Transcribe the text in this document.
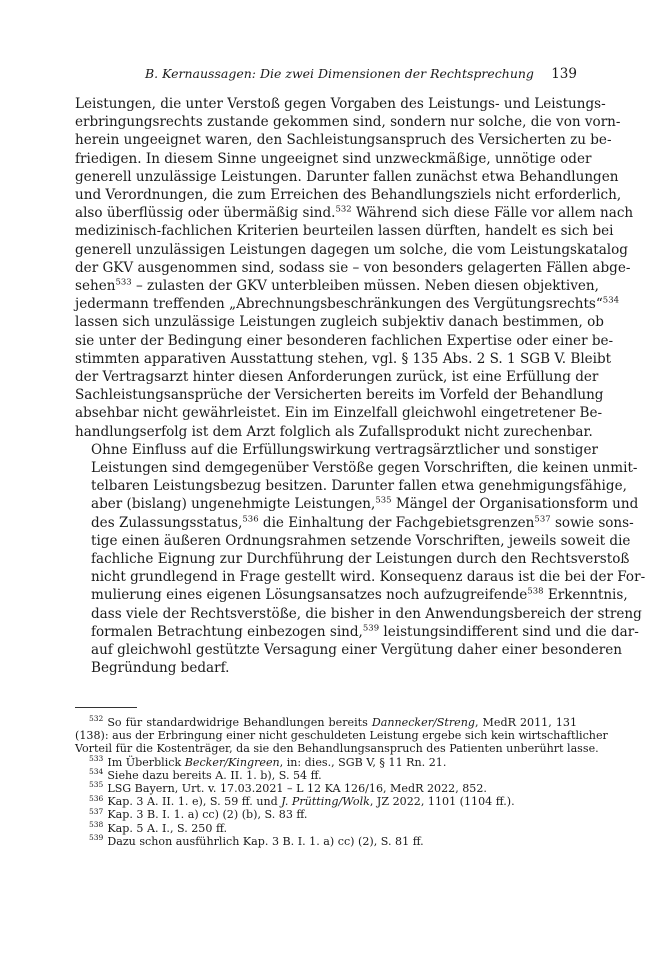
B. Kernaussagen: Die zwei Dimensionen der Rechtsprechung 139

Leistungen, die unter Verstoß gegen Vorgaben des Leistungs- und Leistungs-
erbringungsrechts zustande gekommen sind, sondern nur solche, die von vorn-
herein ungeeignet waren, den Sachleistungsanspruch des Versicherten zu be-
friedigen. In diesem Sinne ungeeignet sind unzweckmäßige, unnötige oder
generell unzulässige Leistungen. Darunter fallen zunächst etwa Behandlungen
und Verordnungen, die zum Erreichen des Behandlungsziels nicht erforderlich,
also überflüssig oder übermäßig sind.$^{532}$ Während sich diese Fälle vor allem nach
medizinisch-fachlichen Kriterien beurteilen lassen dürften, handelt es sich bei
generell unzulässigen Leistungen dagegen um solche, die vom Leistungskatalog
der GKV ausgenommen sind, sodass sie – von besonders gelagerten Fällen abge-
sehen$^{533}$ – zulasten der GKV unterbleiben müssen. Neben diesen objektiven,
jedermann treffenden „Abrechnungsbeschränkungen des Vergütungsrechts“$^{534}$
lassen sich unzulässige Leistungen zugleich subjektiv danach bestimmen, ob
sie unter der Bedingung einer besonderen fachlichen Expertise oder einer be-
stimmten apparativen Ausstattung stehen, vgl. § 135 Abs. 2 S. 1 SGB V. Bleibt
der Vertragsarzt hinter diesen Anforderungen zurück, ist eine Erfüllung der
Sachleistungsansprüche der Versicherten bereits im Vorfeld der Behandlung
absehbar nicht gewährleistet. Ein im Einzelfall gleichwohl eingetretener Be-
handlungserfolg ist dem Arzt folglich als Zufallsprodukt nicht zurechenbar.

Ohne Einfluss auf die Erfüllungswirkung vertragsärztlicher und sonstiger
Leistungen sind demgegenüber Verstöße gegen Vorschriften, die keinen unmit-
telbaren Leistungsbezug besitzen. Darunter fallen etwa genehmigungsfähige,
aber (bislang) ungenehmigte Leistungen,$^{535}$ Mängel der Organisationsform und
des Zulassungsstatus,$^{536}$ die Einhaltung der Fachgebietsgrenzen$^{537}$ sowie sons-
tige einen äußeren Ordnungsrahmen setzende Vorschriften, jeweils soweit die
fachliche Eignung zur Durchführung der Leistungen durch den Rechtsverstoß
nicht grundlegend in Frage gestellt wird. Konsequenz daraus ist die bei der For-
mulierung eines eigenen Lösungsansatzes noch aufzugreifende$^{538}$ Erkenntnis,
dass viele der Rechtsverstöße, die bisher in den Anwendungsbereich der streng
formalen Betrachtung einbezogen sind,$^{539}$ leistungsindifferent sind und die dar-
auf gleichwohl gestützte Versagung einer Vergütung daher einer besonderen
Begründung bedarf.

$^{532}$ So für standardwidrige Behandlungen bereits Dannecker/Streng, MedR 2011, 131
(138): aus der Erbringung einer nicht geschuldeten Leistung ergebe sich kein wirtschaftlicher
Vorteil für die Kostenträger, da sie den Behandlungsanspruch des Patienten unberührt lasse.
$^{533}$ Im Überblick Becker/Kingreen, in: dies., SGB V, § 11 Rn. 21.
$^{534}$ Siehe dazu bereits A. II. 1. b), S. 54 ff.
$^{535}$ LSG Bayern, Urt. v. 17.03.2021 – L 12 KA 126/16, MedR 2022, 852.
$^{536}$ Kap. 3 A. II. 1. e), S. 59 ff. und J. Prütting/Wolk, JZ 2022, 1101 (1104 ff.).
$^{537}$ Kap. 3 B. I. 1. a) cc) (2) (b), S. 83 ff.
$^{538}$ Kap. 5 A. I., S. 250 ff.
$^{539}$ Dazu schon ausführlich Kap. 3 B. I. 1. a) cc) (2), S. 81 ff.
